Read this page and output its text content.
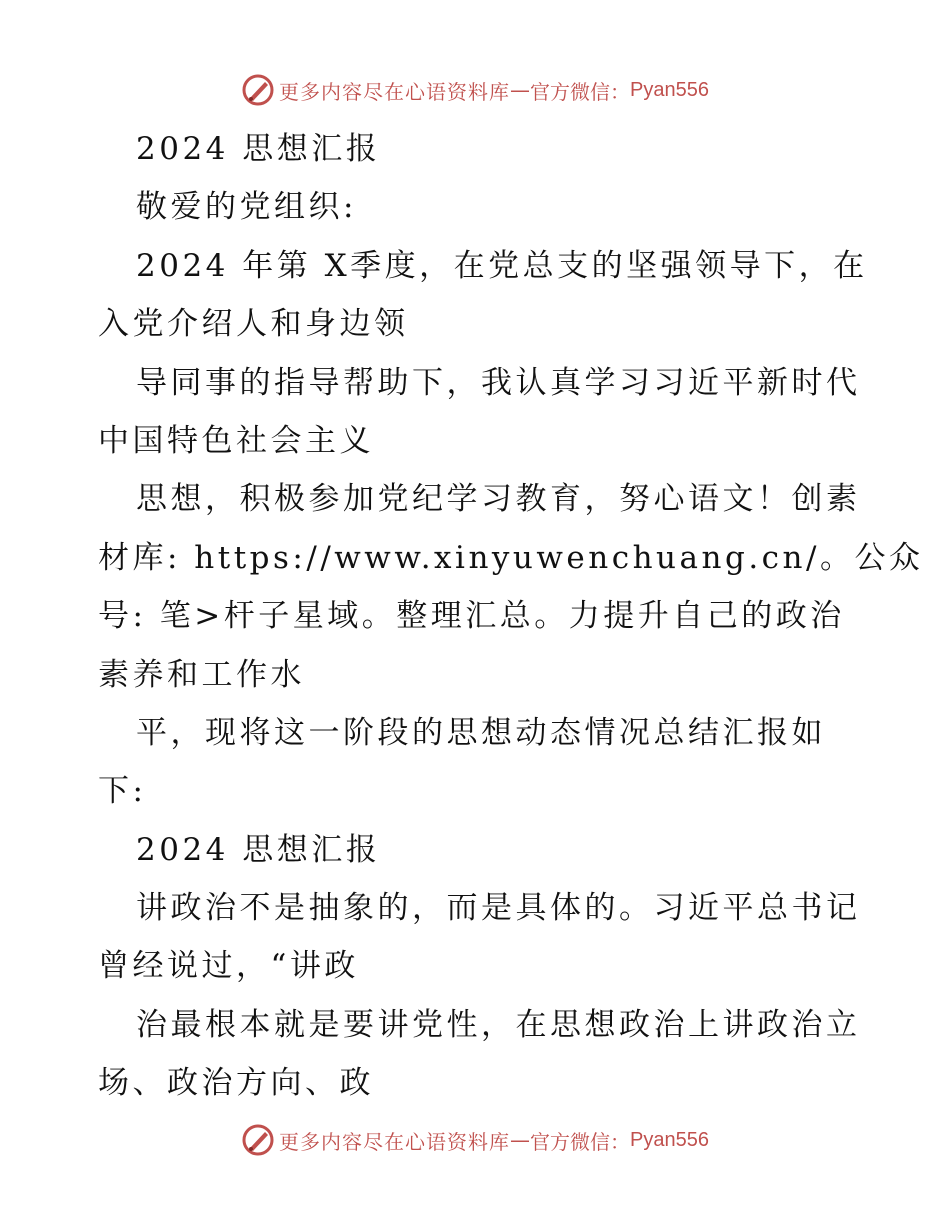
更多内容尽在心语资料库 — 官方微信： Pyan556
2024 思想汇报
敬爱的党组织:
2024 年第 X季度，在党总支的坚强领导下，在
入党介绍人和身边领
导同事的指导帮助下，我认真学习习近平新时代
中国特色社会主义
思想，积极参加党纪学习教育，努心语文！创素
材库: https://www.xinyuwenchuang.cn/。公众
号: 笔>杆子星域。整理汇总。力提升自己的政治
素养和工作水
平，现将这一阶段的思想动态情况总结汇报如
下:
2024 思想汇报
讲政治不是抽象的，而是具体的。习近平总书记
曾经说过，“讲政
治最根本就是要讲党性，在思想政治上讲政治立
场、政治方向、政
更多内容尽在心语资料库 — 官方微信： Pyan556
